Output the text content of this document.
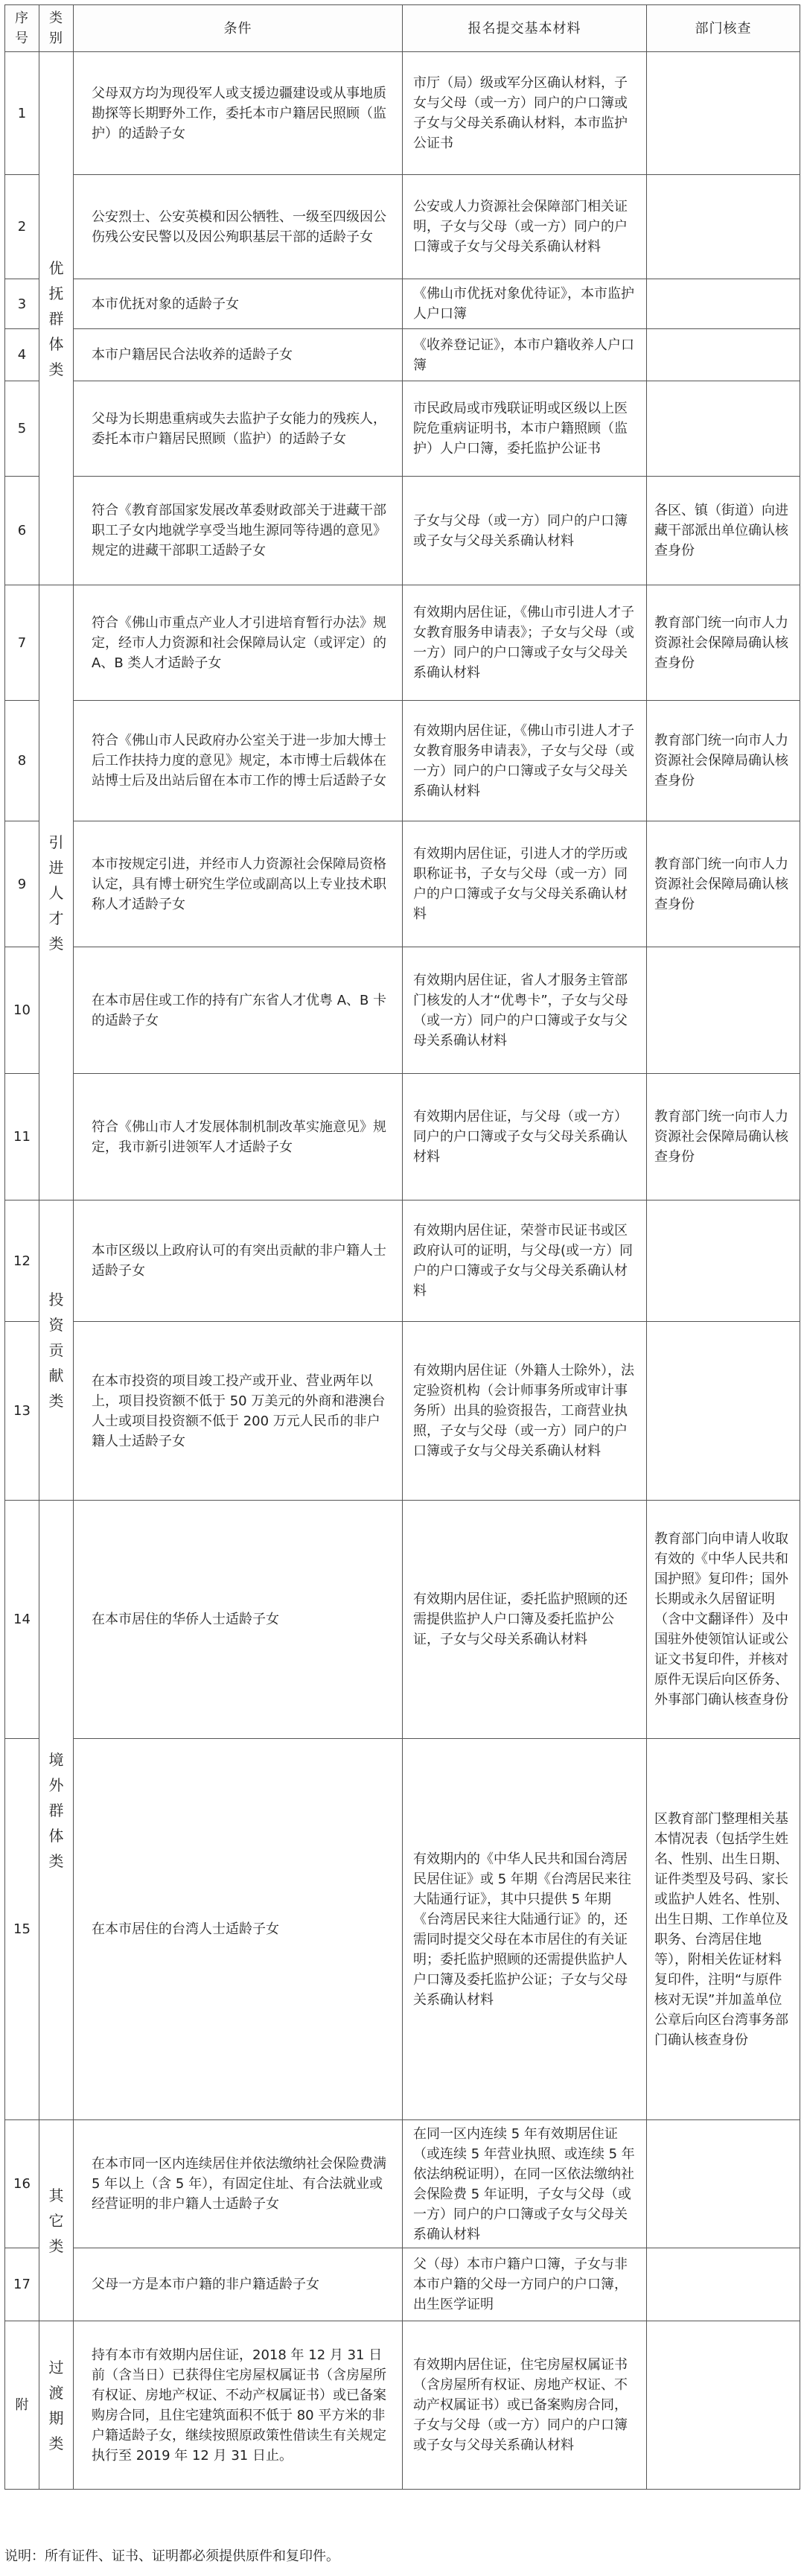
序号	类别	条件	报名提交基本材料	部门核查
1	优抚群体类	父母双方均为现役军人或支援边疆建设或从事地质勘探等长期野外工作，委托本市户籍居民照顾（监护）的适龄子女	市厅（局）级或军分区确认材料，子女与父母（或一方）同户的户口簿或子女与父母关系确认材料，本市监护公证书	
2		公安烈士、公安英模和因公牺牲、一级至四级因公伤残公安民警以及因公殉职基层干部的适龄子女	公安或人力资源社会保障部门相关证明，子女与父母（或一方）同户的户口簿或子女与父母关系确认材料	
3		本市优抚对象的适龄子女	《佛山市优抚对象优待证》，本市监护人户口簿	
4		本市户籍居民合法收养的适龄子女	《收养登记证》，本市户籍收养人户口簿	
5		父母为长期患重病或失去监护子女能力的残疾人，委托本市户籍居民照顾（监护）的适龄子女	市民政局或市残联证明或区级以上医院危重病证明书，本市户籍照顾（监护）人户口簿，委托监护公证书	
6		符合《教育部国家发展改革委财政部关于进藏干部职工子女内地就学享受当地生源同等待遇的意见》规定的进藏干部职工适龄子女	子女与父母（或一方）同户的户口簿或子女与父母关系确认材料	各区、镇（街道）向进藏干部派出单位确认核查身份
7	引进人才类	符合《佛山市重点产业人才引进培育暂行办法》规定，经市人力资源和社会保障局认定（或评定）的 A、B 类人才适龄子女	有效期内居住证，《佛山市引进人才子女教育服务申请表》；子女与父母（或一方）同户的户口簿或子女与父母关系确认材料	教育部门统一向市人力资源社会保障局确认核查身份
8		符合《佛山市人民政府办公室关于进一步加大博士后工作扶持力度的意见》规定，本市博士后载体在站博士后及出站后留在本市工作的博士后适龄子女	有效期内居住证，《佛山市引进人才子女教育服务申请表》，子女与父母（或一方）同户的户口簿或子女与父母关系确认材料	教育部门统一向市人力资源社会保障局确认核查身份
9		本市按规定引进，并经市人力资源社会保障局资格认定，具有博士研究生学位或副高以上专业技术职称人才适龄子女	有效期内居住证，引进人才的学历或职称证书，子女与父母（或一方）同户的户口簿或子女与父母关系确认材料	教育部门统一向市人力资源社会保障局确认核查身份
10		在本市居住或工作的持有广东省人才优粤 A、B 卡的适龄子女	有效期内居住证，省人才服务主管部门核发的人才“优粤卡”，子女与父母（或一方）同户的户口簿或子女与父母关系确认材料	
11		符合《佛山市人才发展体制机制改革实施意见》规定，我市新引进领军人才适龄子女	有效期内居住证，与父母（或一方）同户的户口簿或子女与父母关系确认材料	教育部门统一向市人力资源社会保障局确认核查身份
12	投资贡献类	本市区级以上政府认可的有突出贡献的非户籍人士适龄子女	有效期内居住证，荣誉市民证书或区政府认可的证明，与父母(或一方）同户的户口簿或子女与父母关系确认材料	
13		在本市投资的项目竣工投产或开业、营业两年以上，项目投资额不低于 50 万美元的外商和港澳台人士或项目投资额不低于 200 万元人民币的非户籍人士适龄子女	有效期内居住证（外籍人士除外），法定验资机构（会计师事务所或审计事务所）出具的验资报告，工商营业执照，子女与父母（或一方）同户的户口簿或子女与父母关系确认材料	
14	境外群体类	在本市居住的华侨人士适龄子女	有效期内居住证，委托监护照顾的还需提供监护人户口簿及委托监护公证，子女与父母关系确认材料	教育部门向申请人收取有效的《中华人民共和国护照》复印件；国外长期或永久居留证明（含中文翻译件）及中国驻外使领馆认证或公证文书复印件，并核对原件无误后向区侨务、外事部门确认核查身份
15		在本市居住的台湾人士适龄子女	有效期内的《中华人民共和国台湾居民居住证》或 5 年期《台湾居民来往大陆通行证》，其中只提供 5 年期《台湾居民来往大陆通行证》的，还需同时提交父母在本市居住的有关证明；委托监护照顾的还需提供监护人户口簿及委托监护公证；子女与父母关系确认材料	区教育部门整理相关基本情况表（包括学生姓名、性别、出生日期、证件类型及号码、家长或监护人姓名、性别、出生日期、工作单位及职务、台湾居住地等），附相关佐证材料复印件，注明“与原件核对无误”并加盖单位公章后向区台湾事务部门确认核查身份
16	其它类	在本市同一区内连续居住并依法缴纳社会保险费满 5 年以上（含 5 年），有固定住址、有合法就业或经营证明的非户籍人士适龄子女	在同一区内连续 5 年有效期居住证（或连续 5 年营业执照、或连续 5 年依法纳税证明），在同一区依法缴纳社会保险费 5 年证明，子女与父母（或一方）同户的户口簿或子女与父母关系确认材料	
17		父母一方是本市户籍的非户籍适龄子女	父（母）本市户籍户口簿，子女与非本市户籍的父母一方同户的户口簿，出生医学证明	
附	过渡期类	持有本市有效期内居住证，2018 年 12 月 31 日前（含当日）已获得住宅房屋权属证书（含房屋所有权证、房地产权证、不动产权属证书）或已备案购房合同，且住宅建筑面积不低于 80 平方米的非户籍适龄子女，继续按照原政策性借读生有关规定执行至 2019 年 12 月 31 日止。	有效期内居住证，住宅房屋权属证书（含房屋所有权证、房地产权证、不动产权属证书）或已备案购房合同，子女与父母（或一方）同户的户口簿或子女与父母关系确认材料	
说明：所有证件、证书、证明都必须提供原件和复印件。
